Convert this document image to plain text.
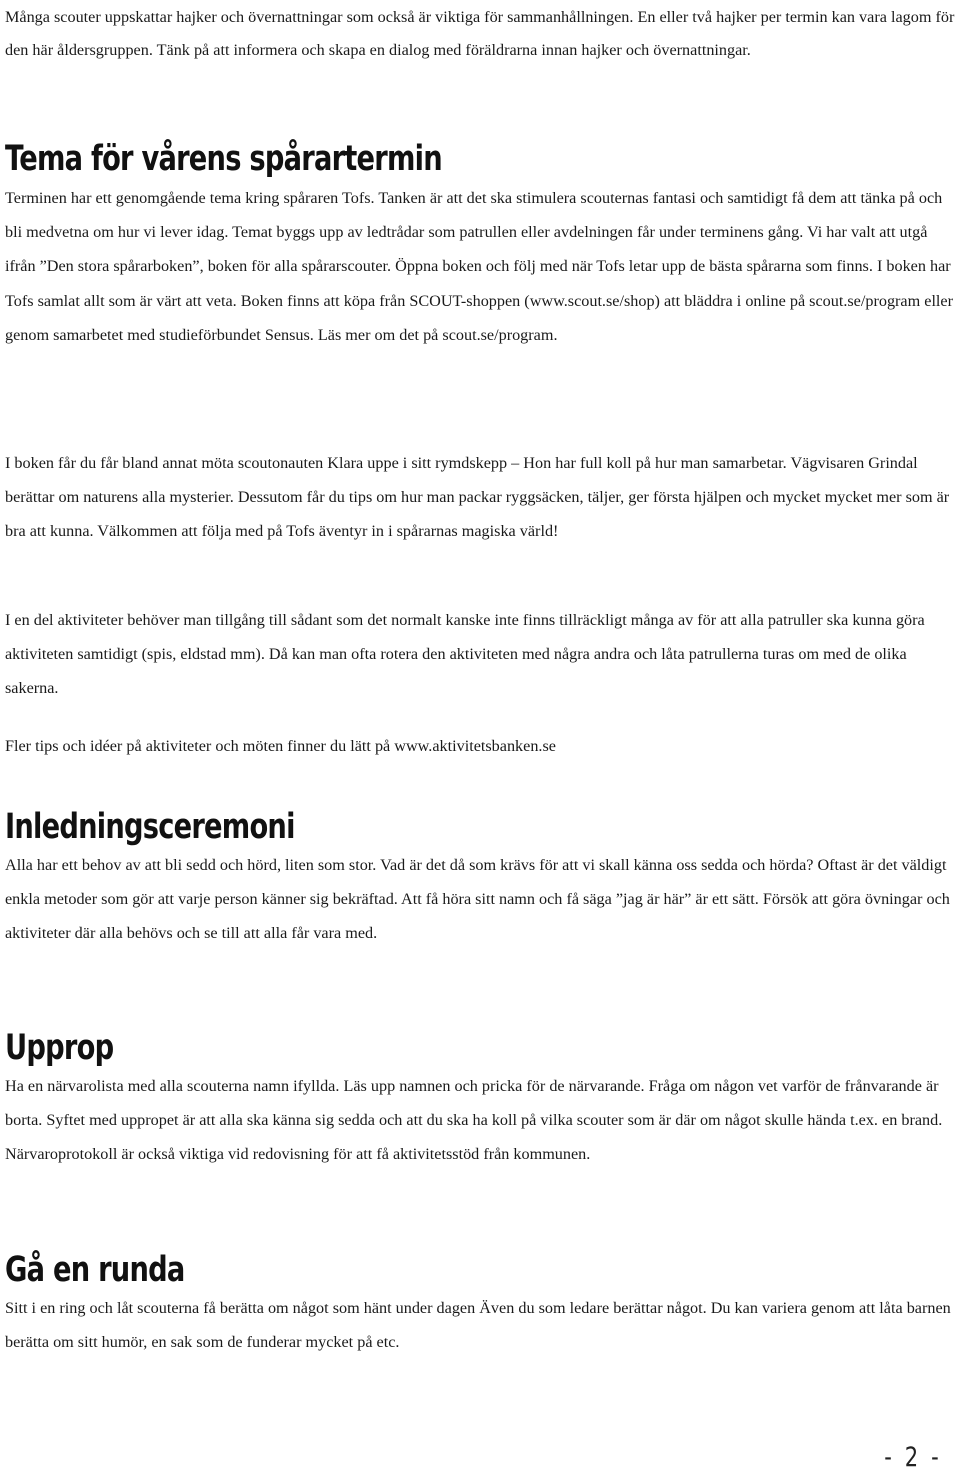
Många scouter uppskattar hajker och övernattningar som också är viktiga för sammanhållningen. En eller två hajker per termin kan vara lagom för den här åldersgruppen. Tänk på att informera och skapa en dialog med föräldrarna innan hajker och övernattningar.

Tema för vårens spårartermin

Terminen har ett genomgående tema kring spåraren Tofs. Tanken är att det ska stimulera scouternas fantasi och samtidigt få dem att tänka på och bli medvetna om hur vi lever idag. Temat byggs upp av ledtrådar som patrullen eller avdelningen får under terminens gång. Vi har valt att utgå ifrån ”Den stora spårarboken”, boken för alla spårarscouter. Öppna boken och följ med när Tofs letar upp de bästa spårarna som finns. I boken har Tofs samlat allt som är värt att veta. Boken finns att köpa från SCOUT-shoppen (www.scout.se/shop) att bläddra i online på scout.se/program eller genom samarbetet med studieförbundet Sensus. Läs mer om det på scout.se/program.

I boken får du får bland annat möta scoutonauten Klara uppe i sitt rymdskepp – Hon har full koll på hur man samarbetar. Vägvisaren Grindal berättar om naturens alla mysterier. Dessutom får du tips om hur man packar ryggsäcken, täljer, ger första hjälpen och mycket mycket mer som är bra att kunna. Välkommen att följa med på Tofs äventyr in i spårarnas magiska värld!

I en del aktiviteter behöver man tillgång till sådant som det normalt kanske inte finns tillräckligt många av för att alla patruller ska kunna göra aktiviteten samtidigt (spis, eldstad mm). Då kan man ofta rotera den aktiviteten med några andra och låta patrullerna turas om med de olika sakerna.

Fler tips och idéer på aktiviteter och möten finner du lätt på www.aktivitetsbanken.se

Inledningsceremoni

Alla har ett behov av att bli sedd och hörd, liten som stor. Vad är det då som krävs för att vi skall känna oss sedda och hörda? Oftast är det väldigt enkla metoder som gör att varje person känner sig bekräftad. Att få höra sitt namn och få säga ”jag är här” är ett sätt. Försök att göra övningar och aktiviteter där alla behövs och se till att alla får vara med.

Upprop

Ha en närvarolista med alla scouterna namn ifyllda. Läs upp namnen och pricka för de närvarande. Fråga om någon vet varför de frånvarande är borta. Syftet med uppropet är att alla ska känna sig sedda och att du ska ha koll på vilka scouter som är där om något skulle hända t.ex. en brand. Närvaroprotokoll är också viktiga vid redovisning för att få aktivitetsstöd från kommunen.

Gå en runda

Sitt i en ring och låt scouterna få berätta om något som hänt under dagen Även du som ledare berättar något. Du kan variera genom att låta barnen berätta om sitt humör, en sak som de funderar mycket på etc.

- 2 -
